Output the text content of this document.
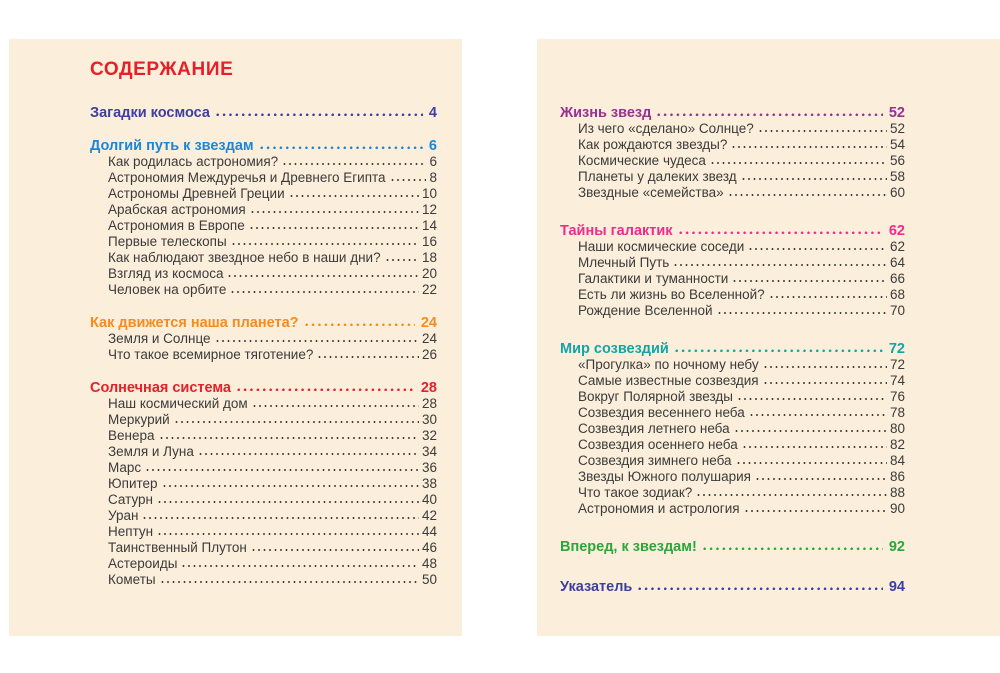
СОДЕРЖАНИЕ
Загадки космоса	4
Долгий путь к звездам	6
Как родилась астрономия?	6
Астрономия Междуречья и Древнего Египта	8
Астрономы Древней Греции	10
Арабская астрономия	12
Астрономия в Европе	14
Первые телескопы	16
Как наблюдают звездное небо в наши дни?	18
Взгляд из космоса	20
Человек на орбите	22
Как движется наша планета?	24
Земля и Солнце	24
Что такое всемирное тяготение?	26
Солнечная система	28
Наш космический дом	28
Меркурий	30
Венера	32
Земля и Луна	34
Марс	36
Юпитер	38
Сатурн	40
Уран	42
Нептун	44
Таинственный Плутон	46
Астероиды	48
Кометы	50
Жизнь звезд	52
Из чего «сделано» Солнце?	52
Как рождаются звезды?	54
Космические чудеса	56
Планеты у далеких звезд	58
Звездные «семейства»	60
Тайны галактик	62
Наши космические соседи	62
Млечный Путь	64
Галактики и туманности	66
Есть ли жизнь во Вселенной?	68
Рождение Вселенной	70
Мир созвездий	72
«Прогулка» по ночному небу	72
Самые известные созвездия	74
Вокруг Полярной звезды	76
Созвездия весеннего неба	78
Созвездия летнего неба	80
Созвездия осеннего неба	82
Созвездия зимнего неба	84
Звезды Южного полушария	86
Что такое зодиак?	88
Астрономия и астрология	90
Вперед, к звездам!	92
Указатель	94
